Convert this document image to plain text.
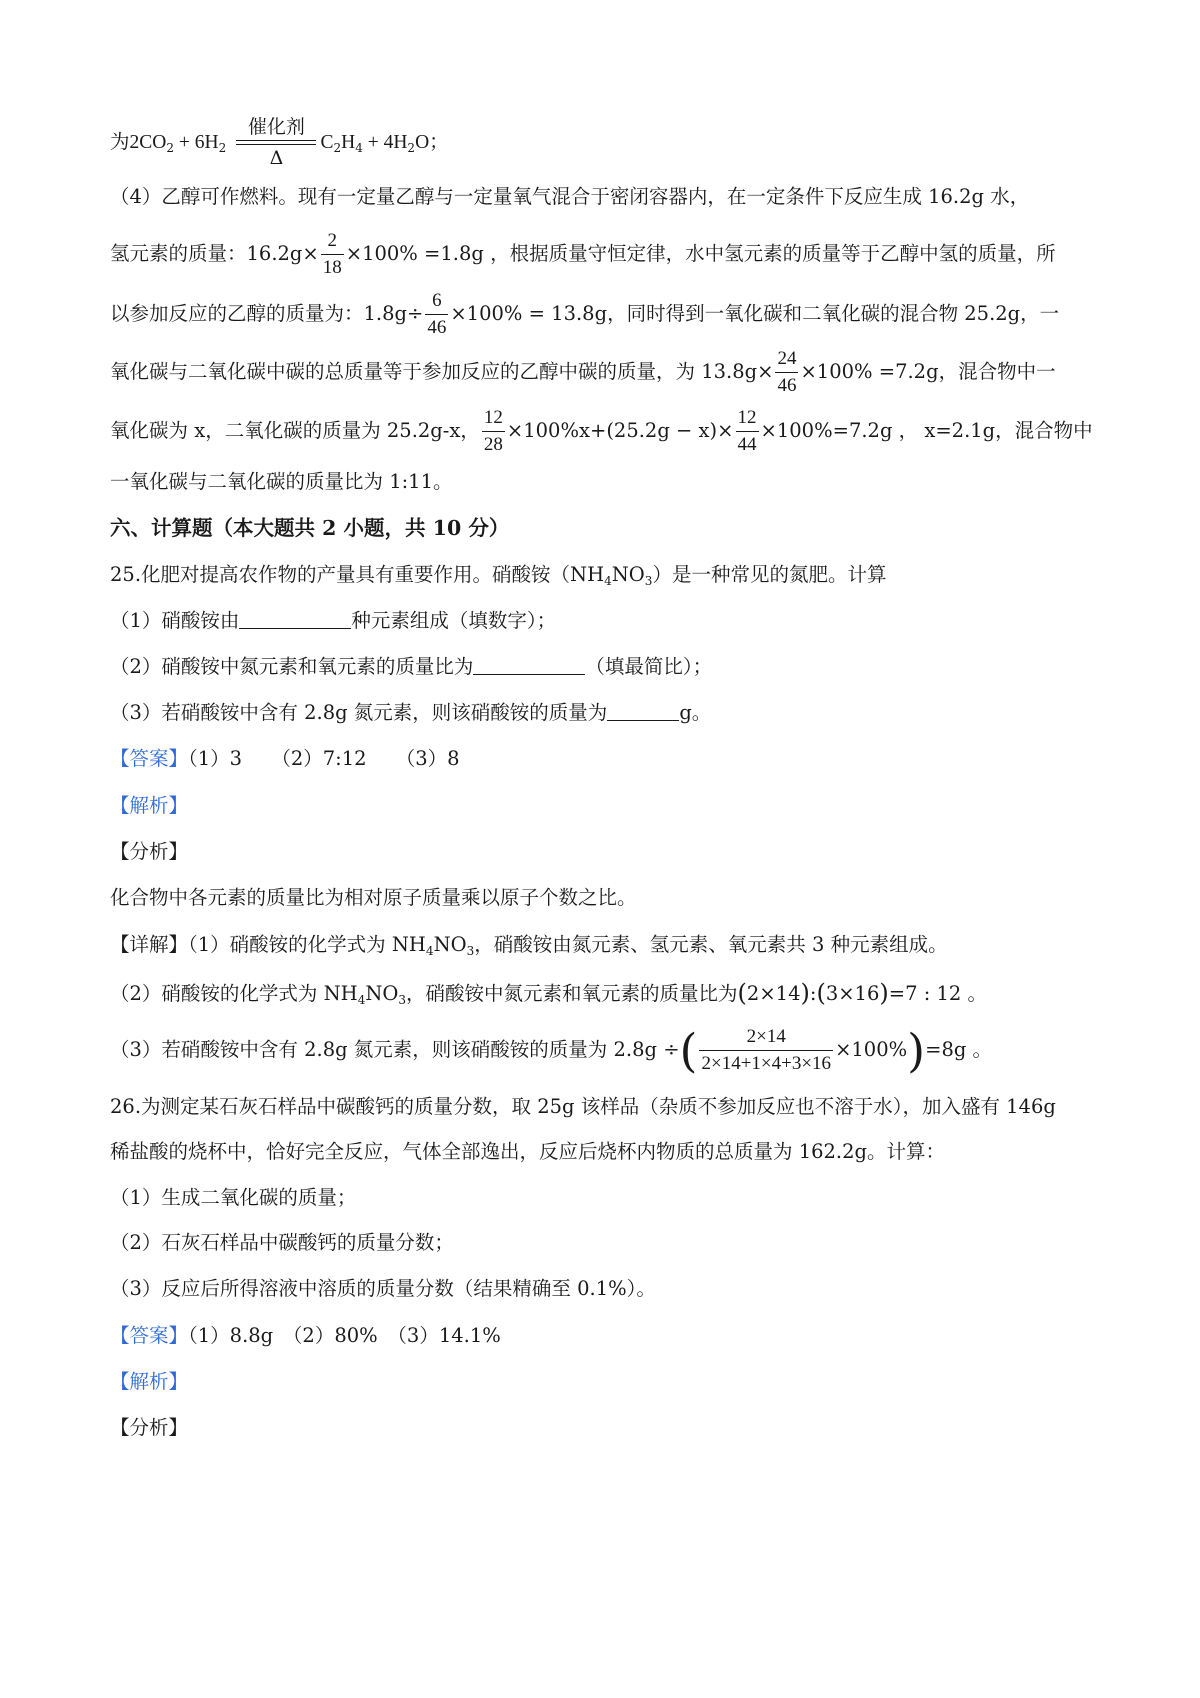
为$2CO_2 + 6H_2$
催化剂
Δ
$C_2H_4 + 4H_2O$；
（4）乙醇可作燃料。现有一定量乙醇与一定量氧气混合于密闭容器内，在一定条件下反应生成 16.2g 水，
氢元素的质量：$16.2g\times \frac{2}{18} \times 100\% =1.8g$ ，根据质量守恒定律，水中氢元素的质量等于乙醇中氢的质量，所
以参加反应的乙醇的质量为：$1.8g\div \frac{6}{46} \times 100\% = 13.8g$，同时得到一氧化碳和二氧化碳的混合物 25.2g，一
氧化碳与二氧化碳中碳的总质量等于参加反应的乙醇中碳的质量，为 $13.8g\times \frac{24}{46} \times 100\% =7.2g$，混合物中一
氧化碳为 x，二氧化碳的质量为 25.2g-x， $\frac{12}{28} \times 100\%x+(25.2g - x)\times \frac{12}{44} \times 100\%=7.2g$ ， x=2.1g，混合物中
一氧化碳与二氧化碳的质量比为 1:11。
六、计算题（本大题共 2 小题，共 10 分）
25.化肥对提高农作物的产量具有重要作用。硝酸铵$(NH_4NO_3)$是一种常见的氮肥。计算
（1）硝酸铵由	种元素组成（填数字）；
（2）硝酸铵中氮元素和氧元素的质量比为	（填最简比）；
（3）若硝酸铵中含有 2.8g 氮元素，则该硝酸铵的质量为	g。
【答案】（1）3　　（2）7:12　　（3）8
【解析】
【分析】
化合物中各元素的质量比为相对原子质量乘以原子个数之比。
【详解】（1）硝酸铵的化学式为 $NH_4NO_3$，硝酸铵由氮元素、氢元素、氧元素共 3 种元素组成。
（2）硝酸铵的化学式为 $NH_4NO_3$，硝酸铵中氮元素和氧元素的质量比为(2×14):(3×16)=7 : 12 。
（3）若硝酸铵中含有 2.8g 氮元素，则该硝酸铵的质量为 2.8g ÷( $\frac{2\times 14}{2\times 14+1\times 4+3\times 16} \times 100\%)=8g$ 。
26.为测定某石灰石样品中碳酸钙的质量分数，取 25g 该样品（杂质不参加反应也不溶于水），加入盛有 146g
稀盐酸的烧杯中，恰好完全反应，气体全部逸出，反应后烧杯内物质的总质量为 162.2g。计算：
（1）生成二氧化碳的质量；
（2）石灰石样品中碳酸钙的质量分数；
（3）反应后所得溶液中溶质的质量分数（结果精确至 0.1%）。
【答案】（1）8.8g　（2）80%　（3）14.1%
【解析】
【分析】
